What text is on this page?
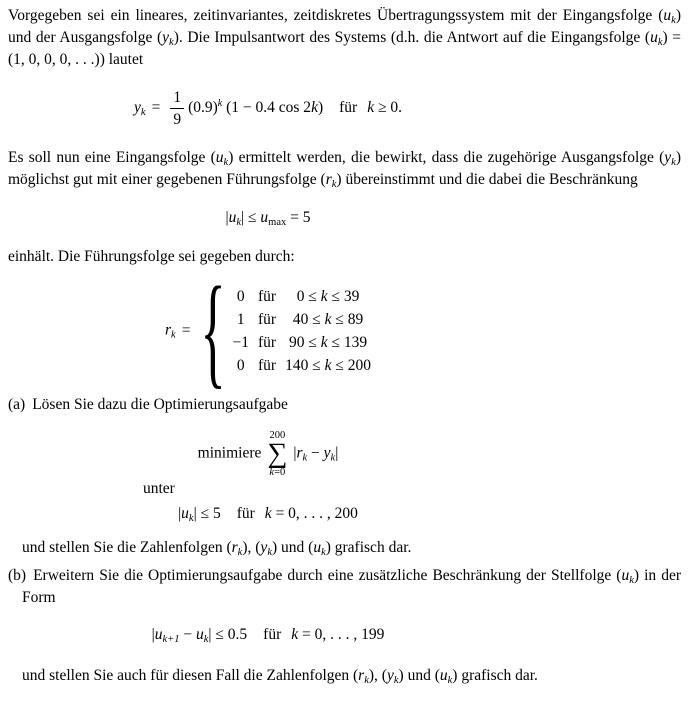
Vorgegeben sei ein lineares, zeitinvariantes, zeitdiskretes Übertragungssystem mit der Eingangsfolge $(u_k)$ und der Ausgangsfolge $(y_k)$. Die Impulsantwort des Systems (d.h. die Antwort auf die Eingangsfolge $(u_k) = (1$, 0, 0, 0, . . .)) lautet

$y_k = \frac{1}{9} (0.9)^k$ (1 − 0.4 cos 2k) für k ≥ 0.

Es soll nun eine Eingangsfolge $(u_k)$ ermittelt werden, die bewirkt, dass die zugehörige Ausgangsfolge $(y_k)$ möglichst gut mit einer gegebenen Führungsfolge $(r_k)$ übereinstimmt und die dabei die Beschränkung

$|u_k| \le u_{max} = 5$

einhält. Die Führungsfolge sei gegeben durch:

$r_k$ = { 0 für	0 ≤ k ≤ 39
1 für	40 ≤ k ≤ 89
−1 für 90 ≤ k ≤ 139
0 für 140 ≤ k ≤ 200

(a) Lösen Sie dazu die Optimierungsaufgabe

minimiere
200
∑
k=0
$|r_k - y_k|$

unter

$|u_k| \le 5$ für k = 0, . . . , 200

und stellen Sie die Zahlenfolgen $(r_k)$, $(y_k)$ und $(u_k)$ grafisch dar.

(b) Erweitern Sie die Optimierungsaufgabe durch eine zusätzliche Beschränkung der Stellfolge $(u_k)$ in der Form

$|u_{k+1} - u_k| \le 0.5$ für k = 0, . . . , 199

und stellen Sie auch für diesen Fall die Zahlenfolgen $(r_k)$, $(y_k)$ und $(u_k)$ grafisch dar.
